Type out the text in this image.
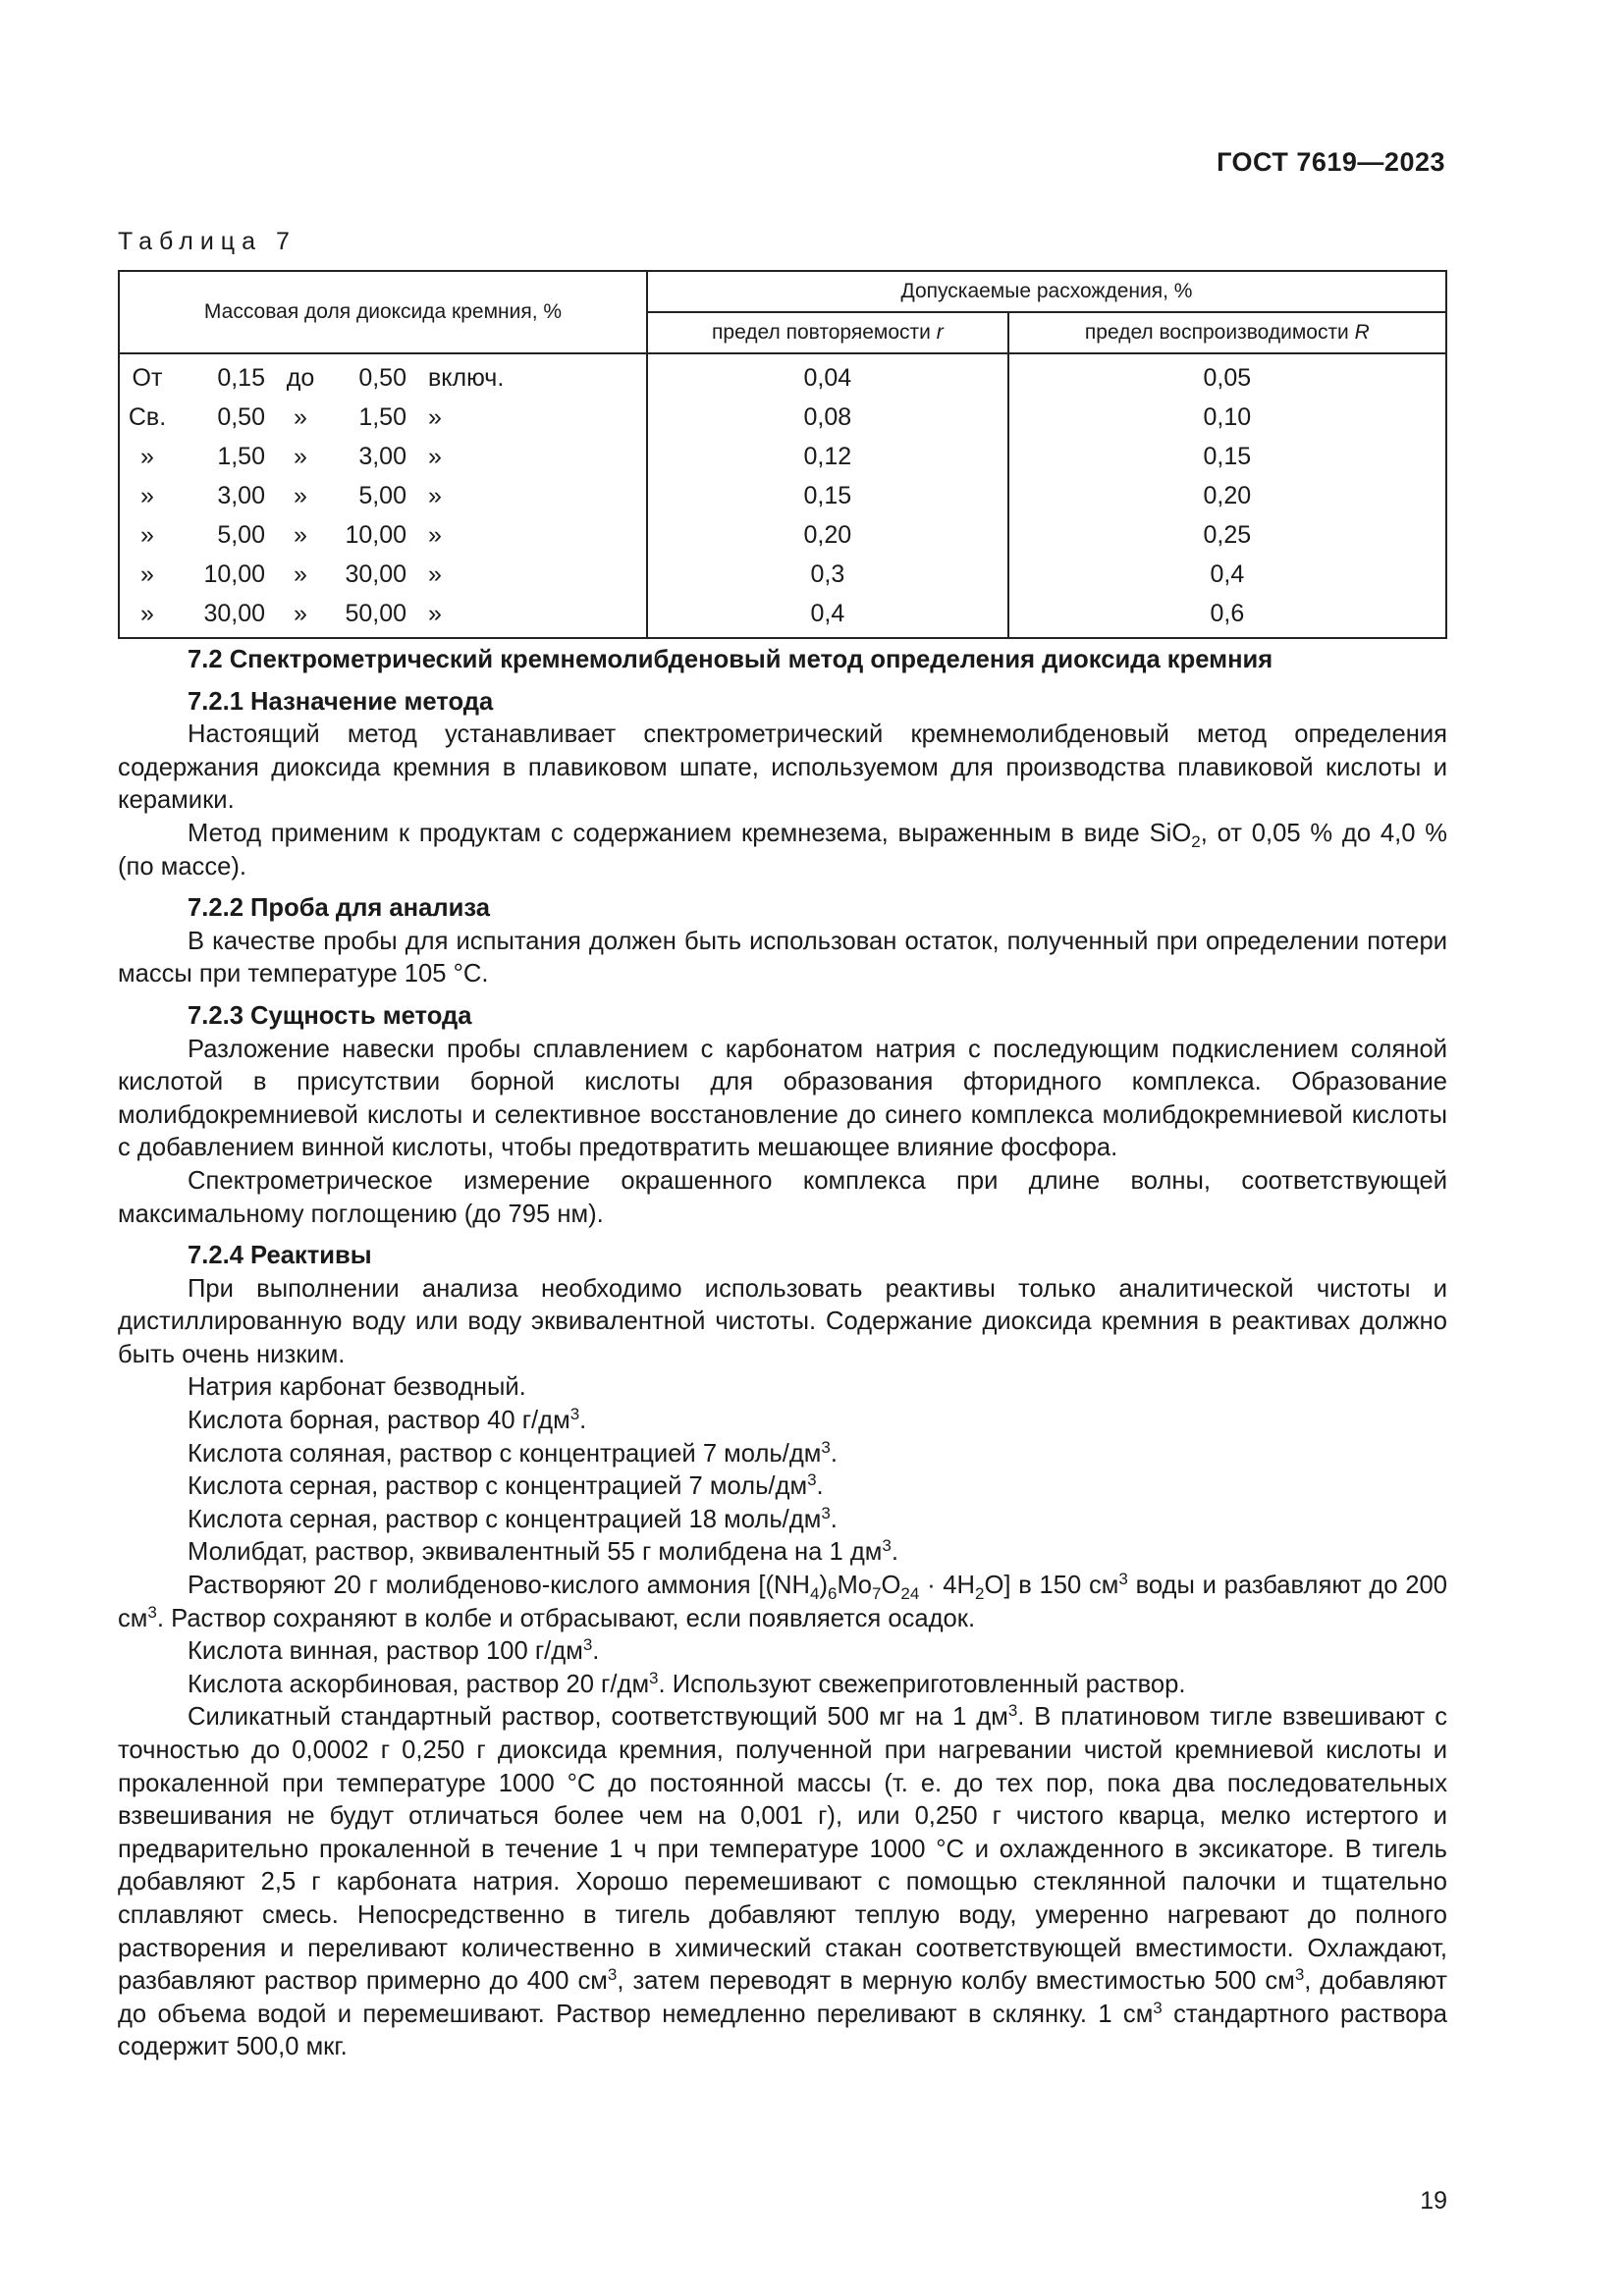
ГОСТ 7619—2023
Таблица 7
Массовая доля диоксида кремния, %	Допускаемые расхождения, %	
	предел повторяемости r	предел воспроизводимости R

От 0,15 до 0,50 включ.	0,04	0,05

Св. 0,50 » 1,50 »	0,08	0,10

» 1,50 » 3,00 »	0,12	0,15

» 3,00 » 5,00 »	0,15	0,20

» 5,00 » 10,00 »	0,20	0,25

» 10,00 » 30,00 »	0,3	0,4

» 30,00 » 50,00 »	0,4	0,6
7.2 Спектрометрический кремнемолибденовый метод определения диоксида кремния
7.2.1 Назначение метода

Настоящий метод устанавливает спектрометрический кремнемолибденовый метод определения содержания диоксида кремния в плавиковом шпате, используемом для производства плавиковой кислоты и керамики.

Метод применим к продуктам с содержанием кремнезема, выраженным в виде SiO$_2$, от 0,05 % до 4,0 % (по массе).

7.2.2 Проба для анализа

В качестве пробы для испытания должен быть использован остаток, полученный при определении потери массы при температуре 105 °С.

7.2.3 Сущность метода

Разложение навески пробы сплавлением с карбонатом натрия с последующим подкислением соляной кислотой в присутствии борной кислоты для образования фторидного комплекса. Образование молибдокремниевой кислоты и селективное восстановление до синего комплекса молибдокремниевой кислоты с добавлением винной кислоты, чтобы предотвратить мешающее влияние фосфора.

Спектрометрическое измерение окрашенного комплекса при длине волны, соответствующей максимальному поглощению (до 795 нм).

7.2.4 Реактивы

При выполнении анализа необходимо использовать реактивы только аналитической чистоты и дистиллированную воду или воду эквивалентной чистоты. Содержание диоксида кремния в реактивах должно быть очень низким.

Натрия карбонат безводный.

Кислота борная, раствор 40 $г/дм^3$.

Кислота соляная, раствор с концентрацией 7 моль/$дм^3$.

Кислота серная, раствор с концентрацией 7 моль/$дм^3$.

Кислота серная, раствор с концентрацией 18 моль/$дм^3$.

Молибдат, раствор, эквивалентный 55 г молибдена на 1 $дм^3$.

Растворяют 20 г молибденово-кислого аммония $[(NH_4)_6Mo_7O_{24} \cdot 4H_2O]$ в 150 $см^3$ воды и разбавляют до 200 $см^3$. Раствор сохраняют в колбе и отбрасывают, если появляется осадок.

Кислота винная, раствор 100 $г/дм^3$.

Кислота аскорбиновая, раствор 20 $г/дм^3$. Используют свежеприготовленный раствор.

Силикатный стандартный раствор, соответствующий 500 мг на 1 $дм^3$. В платиновом тигле взвешивают с точностью до 0,0002 г 0,250 г диоксида кремния, полученной при нагревании чистой кремниевой кислоты и прокаленной при температуре 1000 °С до постоянной массы (т. е. до тех пор, пока два последовательных взвешивания не будут отличаться более чем на 0,001 г), или 0,250 г чистого кварца, мелко истертого и предварительно прокаленной в течение 1 ч при температуре 1000 °С и охлажденного в эксикаторе. В тигель добавляют 2,5 г карбоната натрия. Хорошо перемешивают с помощью стеклянной палочки и тщательно сплавляют смесь. Непосредственно в тигель добавляют теплую воду, умеренно нагревают до полного растворения и переливают количественно в химический стакан соответствующей вместимости. Охлаждают, разбавляют раствор примерно до 400 $см^3$, затем переводят в мерную колбу вместимостью 500 $см^3$, добавляют до объема водой и перемешивают. Раствор немедленно переливают в склянку. 1 $см^3$ стандартного раствора содержит 500,0 мкг.

19
